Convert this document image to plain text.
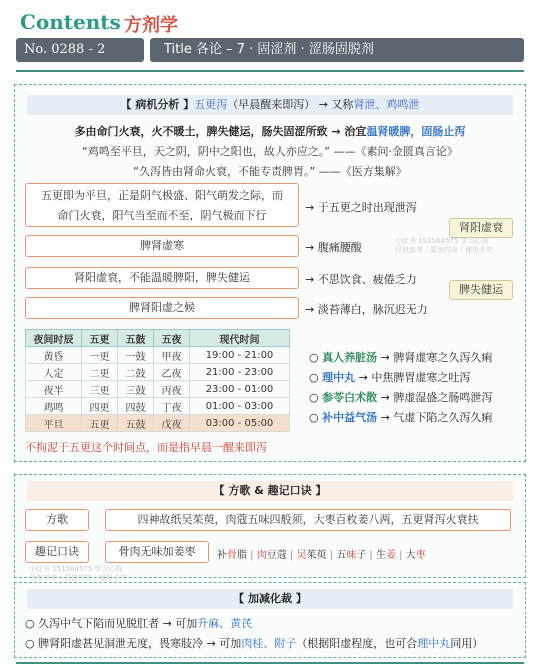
Contents 方剂学
No. 0288 - 2	Title 各论 – 7 · 固涩剂 · 涩肠固脱剂
【 病机分析 】五更泻（早晨醒来即泻） → 又称肾泄、鸡鸣泄
多由命门火衰，火不暖土，脾失健运，肠失固涩所致 → 治宜温肾暖脾，固肠止泻
“鸡鸣至平旦，天之阴，阴中之阳也，故人亦应之。” ——《素问·金匮真言论》
“久泻皆由肾命火衰，不能专责脾胃。” ——《医方集解》
五更即为平旦，正是阴气极盛、阳气萌发之际，而命门火衰，阳气当至而不至，阴气极而下行
→ 于五更之时出现泄泻
脾肾虚寒	→ 腹痛腰酸
肾阳虚衰
肾阳虚衰，不能温暖脾阳，脾失健运	→ 不思饮食、疲倦乏力
脾肾阳虚之候	→ 淡苔薄白，脉沉迟无力
脾失健运
夜间时辰	五更	五鼓	五夜	现代时间
黄昏	一更	一鼓	甲夜	19:00 - 21:00
人定	二更	二鼓	乙夜	21:00 - 23:00
夜半	三更	三鼓	丙夜	23:00 - 01:00
鸡鸣	四更	四鼓	丁夜	01:00 - 03:00
平旦	五更	五鼓	戊夜	03:00 - 05:00
○ 真人养脏汤 → 脾肾虚寒之久泻久痢
○ 理中丸 → 中焦脾胃虚寒之吐泻
○ 参苓白术散 → 脾虚湿盛之肠鸣泄泻
○ 补中益气汤 → 气虚下陷之久泻久痢
不拘泥于五更这个时间点，而是指早晨一醒来即泻
小红书 151564575 学习心得
仅供参考｜原创内容｜谨用必究
【 方歌 & 趣记口诀 】
方歌	四神故纸吴茱萸，肉蔻五味四般须，大枣百枚姜八两，五更肾泻火衰扶
趣记口诀	骨肉无味加姜枣	补骨脂 | 肉豆蔻 | 吴茱萸 | 五味子 | 生姜 | 大枣
小红书 151564575 学习心得
仅供参考｜原创内容｜谨用必究
【 加减化裁 】
○ 久泻中气下陷而见脱肛者 → 可加升麻、黄芪
○ 脾肾阳虚甚见洞泄无度，畏寒肢冷 → 可加肉桂、附子（根据阳虚程度，也可合理中丸同用）
